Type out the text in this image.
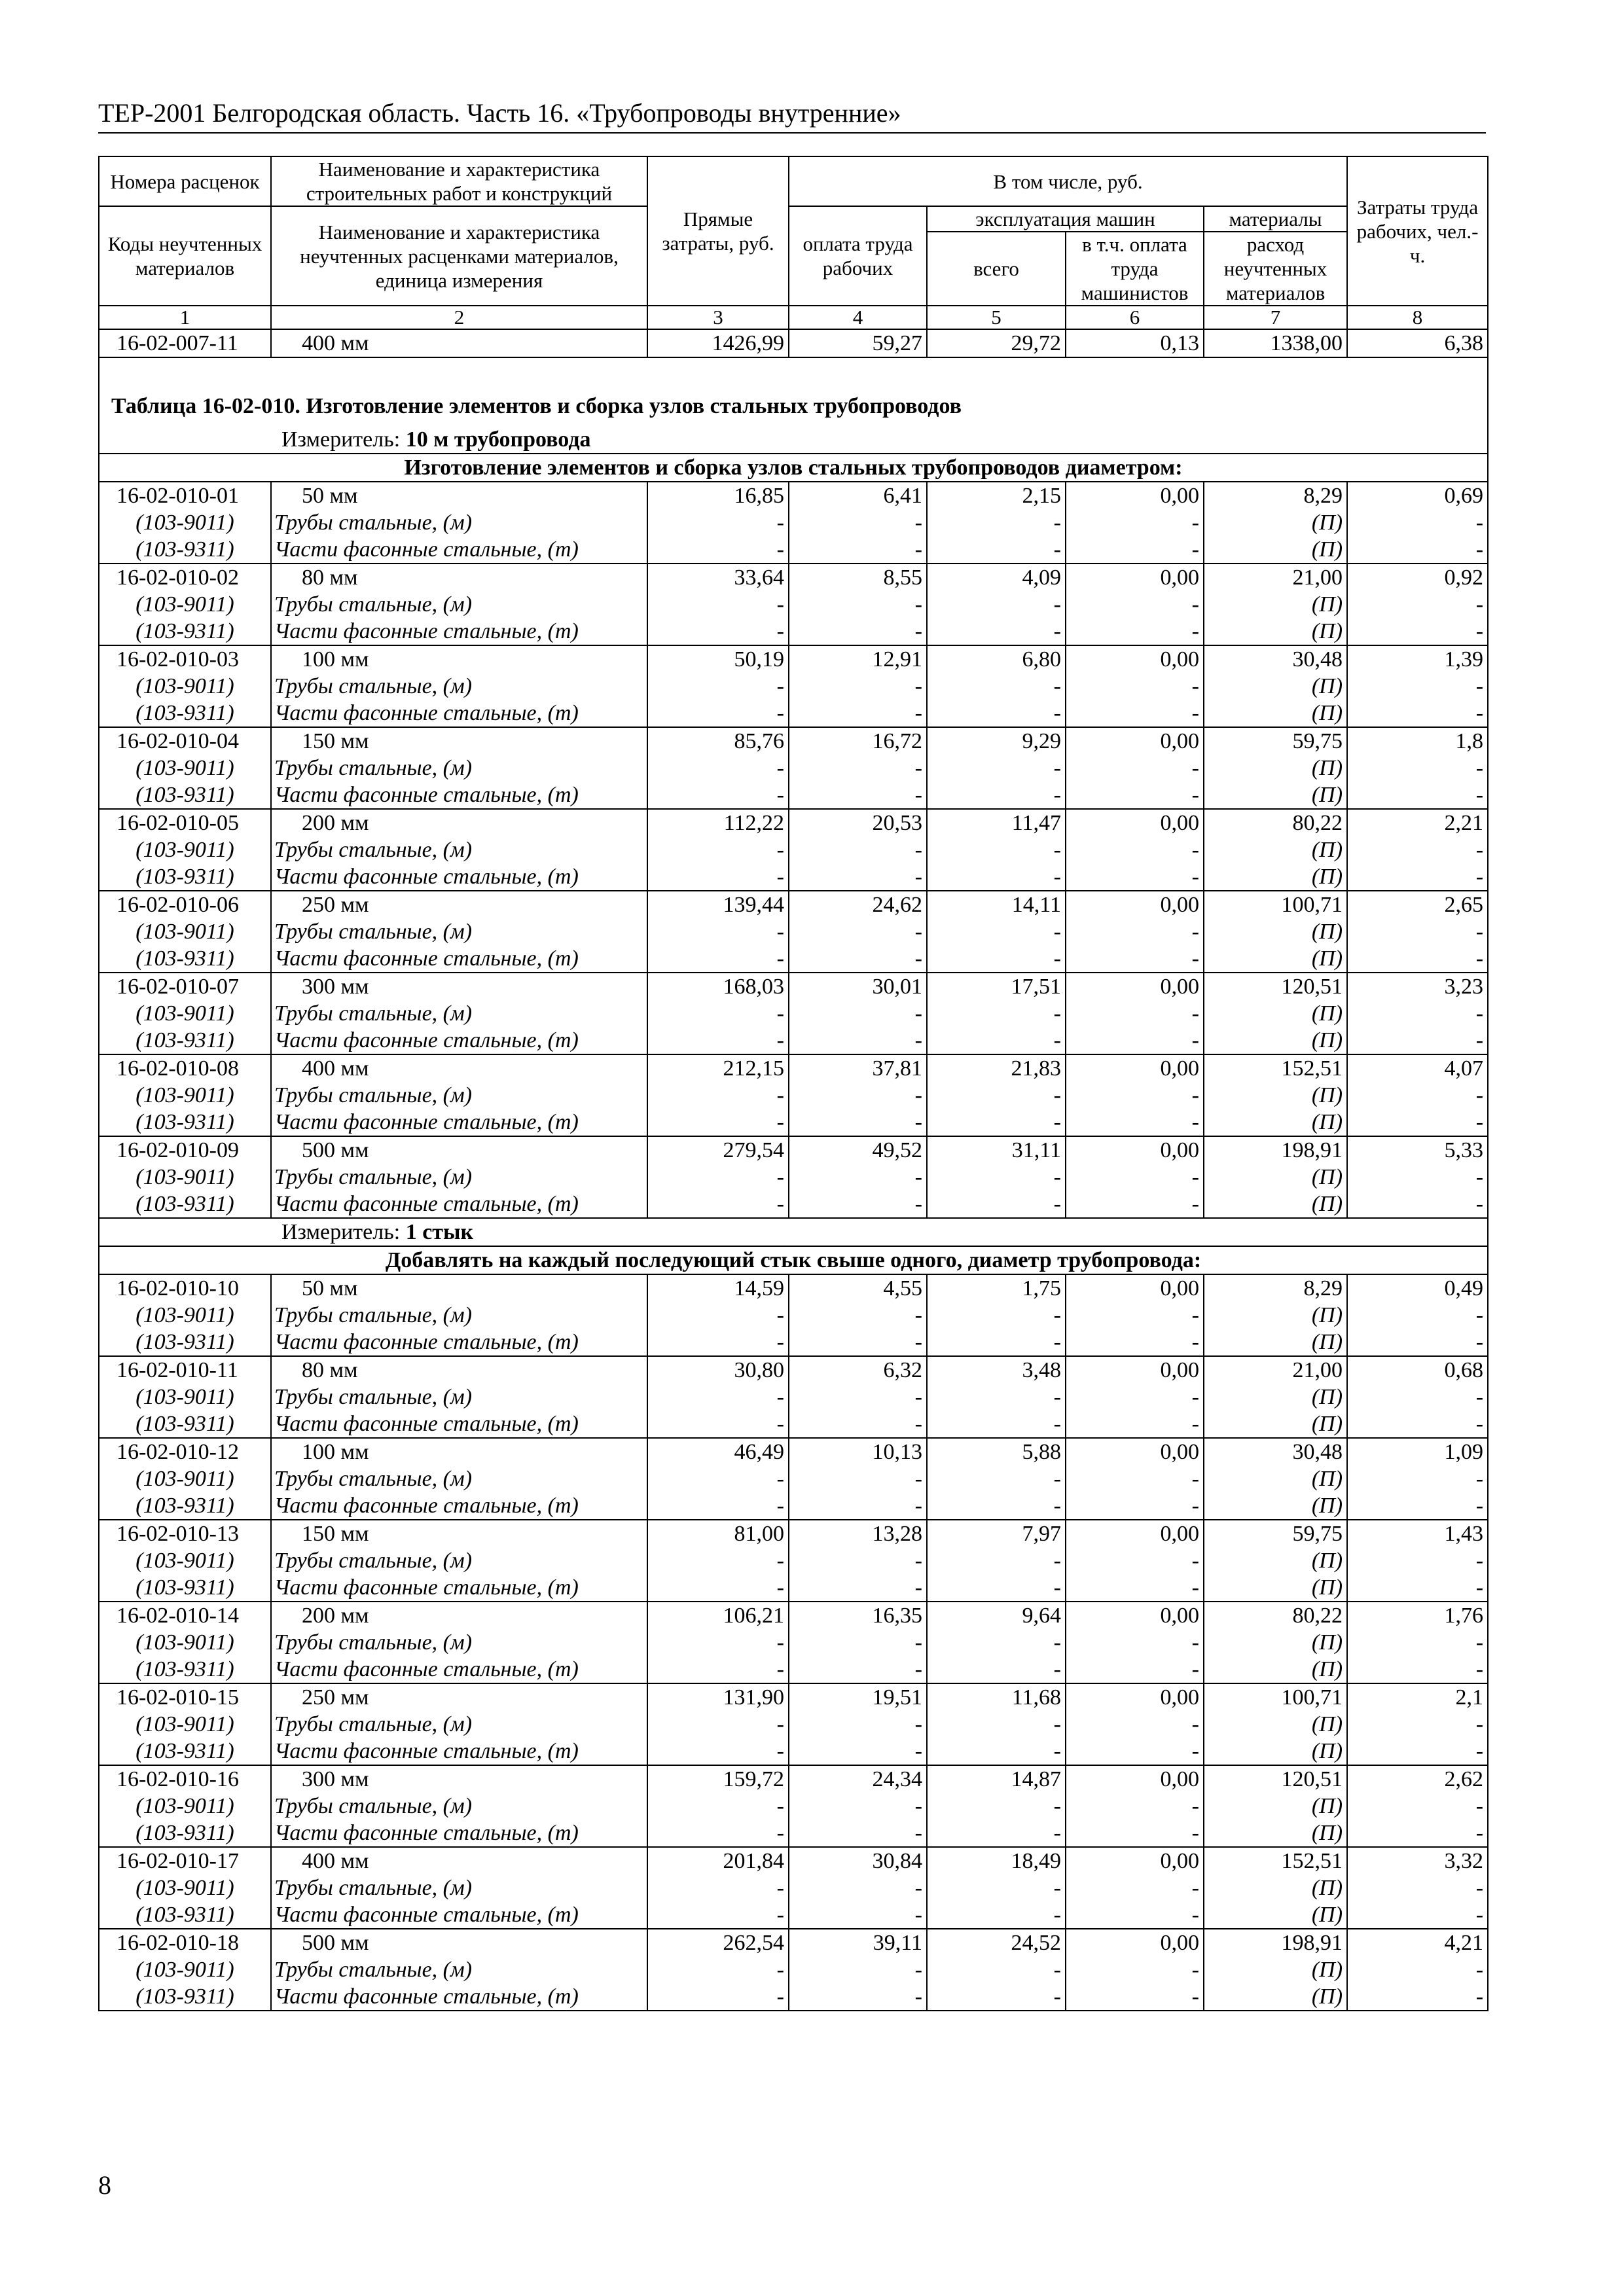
ТЕР-2001 Белгородская область. Часть 16. «Трубопроводы внутренние»
Номера расценок	Наименование и характеристика строительных работ и конструкций	Прямые затраты, руб.	В том числе, руб.				Затраты труда рабочих, чел.-ч.
Коды неучтенных материалов	Наименование и характеристика неучтенных расценками материалов, единица измерения		оплата труда рабочих	эксплуатация машин		материалы	
				всего	в т.ч. оплата труда машинистов	расход неучтенных материалов	
1	2	3	4	5	6	7	8
16-02-007-11	400 мм	1426,99	59,27	29,72	0,13	1338,00	6,38
Таблица 16-02-010. Изготовление элементов и сборка узлов стальных трубопроводов							
Измеритель: 10 м трубопровода							
Изготовление элементов и сборка узлов стальных трубопроводов диаметром:							
16-02-010-01	50 мм	16,85	6,41	2,15	0,00	8,29	0,69
(103-9011)	Трубы стальные, (м)	-	-	-	-	(П)	-
(103-9311)	Части фасонные стальные, (т)	-	-	-	-	(П)	-
16-02-010-02	80 мм	33,64	8,55	4,09	0,00	21,00	0,92
(103-9011)	Трубы стальные, (м)	-	-	-	-	(П)	-
(103-9311)	Части фасонные стальные, (т)	-	-	-	-	(П)	-
16-02-010-03	100 мм	50,19	12,91	6,80	0,00	30,48	1,39
(103-9011)	Трубы стальные, (м)	-	-	-	-	(П)	-
(103-9311)	Части фасонные стальные, (т)	-	-	-	-	(П)	-
16-02-010-04	150 мм	85,76	16,72	9,29	0,00	59,75	1,8
(103-9011)	Трубы стальные, (м)	-	-	-	-	(П)	-
(103-9311)	Части фасонные стальные, (т)	-	-	-	-	(П)	-
16-02-010-05	200 мм	112,22	20,53	11,47	0,00	80,22	2,21
(103-9011)	Трубы стальные, (м)	-	-	-	-	(П)	-
(103-9311)	Части фасонные стальные, (т)	-	-	-	-	(П)	-
16-02-010-06	250 мм	139,44	24,62	14,11	0,00	100,71	2,65
(103-9011)	Трубы стальные, (м)	-	-	-	-	(П)	-
(103-9311)	Части фасонные стальные, (т)	-	-	-	-	(П)	-
16-02-010-07	300 мм	168,03	30,01	17,51	0,00	120,51	3,23
(103-9011)	Трубы стальные, (м)	-	-	-	-	(П)	-
(103-9311)	Части фасонные стальные, (т)	-	-	-	-	(П)	-
16-02-010-08	400 мм	212,15	37,81	21,83	0,00	152,51	4,07
(103-9011)	Трубы стальные, (м)	-	-	-	-	(П)	-
(103-9311)	Части фасонные стальные, (т)	-	-	-	-	(П)	-
16-02-010-09	500 мм	279,54	49,52	31,11	0,00	198,91	5,33
(103-9011)	Трубы стальные, (м)	-	-	-	-	(П)	-
(103-9311)	Части фасонные стальные, (т)	-	-	-	-	(П)	-
Измеритель: 1 стык							
Добавлять на каждый последующий стык свыше одного, диаметр трубопровода:							
16-02-010-10	50 мм	14,59	4,55	1,75	0,00	8,29	0,49
(103-9011)	Трубы стальные, (м)	-	-	-	-	(П)	-
(103-9311)	Части фасонные стальные, (т)	-	-	-	-	(П)	-
16-02-010-11	80 мм	30,80	6,32	3,48	0,00	21,00	0,68
(103-9011)	Трубы стальные, (м)	-	-	-	-	(П)	-
(103-9311)	Части фасонные стальные, (т)	-	-	-	-	(П)	-
16-02-010-12	100 мм	46,49	10,13	5,88	0,00	30,48	1,09
(103-9011)	Трубы стальные, (м)	-	-	-	-	(П)	-
(103-9311)	Части фасонные стальные, (т)	-	-	-	-	(П)	-
16-02-010-13	150 мм	81,00	13,28	7,97	0,00	59,75	1,43
(103-9011)	Трубы стальные, (м)	-	-	-	-	(П)	-
(103-9311)	Части фасонные стальные, (т)	-	-	-	-	(П)	-
16-02-010-14	200 мм	106,21	16,35	9,64	0,00	80,22	1,76
(103-9011)	Трубы стальные, (м)	-	-	-	-	(П)	-
(103-9311)	Части фасонные стальные, (т)	-	-	-	-	(П)	-
16-02-010-15	250 мм	131,90	19,51	11,68	0,00	100,71	2,1
(103-9011)	Трубы стальные, (м)	-	-	-	-	(П)	-
(103-9311)	Части фасонные стальные, (т)	-	-	-	-	(П)	-
16-02-010-16	300 мм	159,72	24,34	14,87	0,00	120,51	2,62
(103-9011)	Трубы стальные, (м)	-	-	-	-	(П)	-
(103-9311)	Части фасонные стальные, (т)	-	-	-	-	(П)	-
16-02-010-17	400 мм	201,84	30,84	18,49	0,00	152,51	3,32
(103-9011)	Трубы стальные, (м)	-	-	-	-	(П)	-
(103-9311)	Части фасонные стальные, (т)	-	-	-	-	(П)	-
16-02-010-18	500 мм	262,54	39,11	24,52	0,00	198,91	4,21
(103-9011)	Трубы стальные, (м)	-	-	-	-	(П)	-
(103-9311)	Части фасонные стальные, (т)	-	-	-	-	(П)	-
8
